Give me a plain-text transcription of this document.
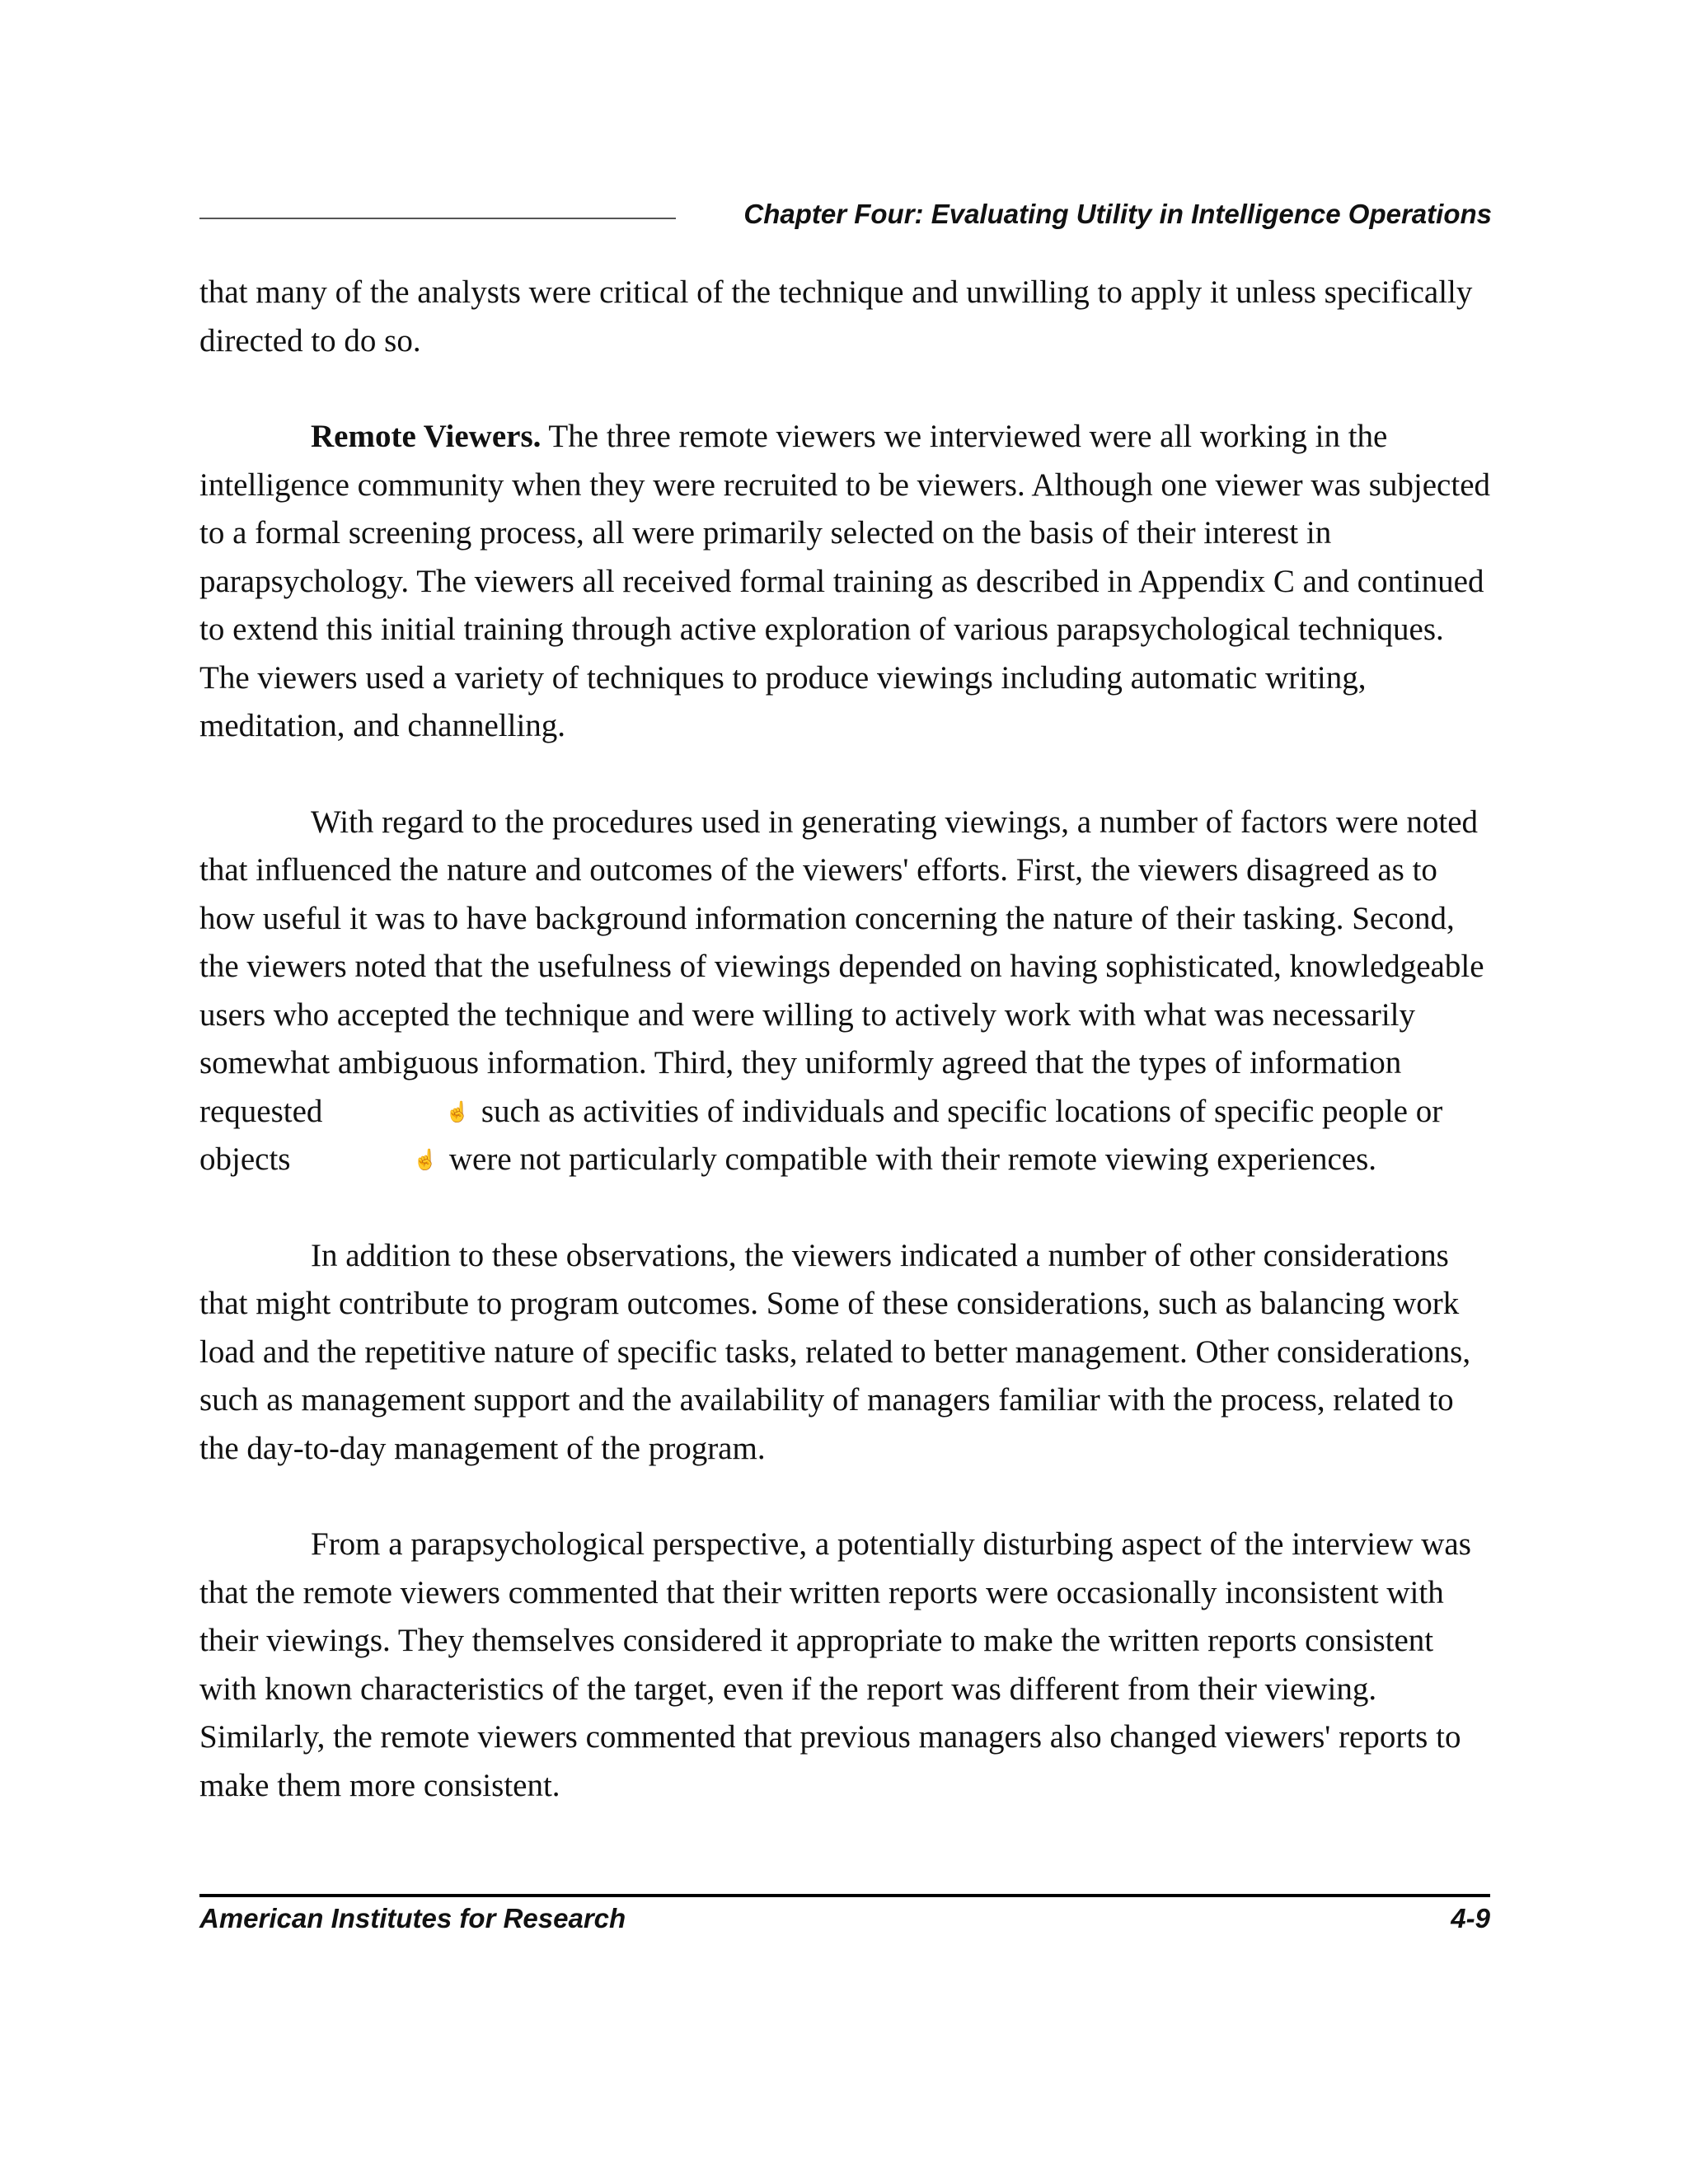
Chapter Four: Evaluating Utility in Intelligence Operations

that many of the analysts were critical of the technique and unwilling to apply it unless specifically directed to do so.

Remote Viewers. The three remote viewers we interviewed were all working in the intelligence community when they were recruited to be viewers. Although one viewer was subjected to a formal screening process, all were primarily selected on the basis of their interest in parapsychology. The viewers all received formal training as described in Appendix C and continued to extend this initial training through active exploration of various parapsychological techniques. The viewers used a variety of techniques to produce viewings including automatic writing, meditation, and channelling.

With regard to the procedures used in generating viewings, a number of factors were noted that influenced the nature and outcomes of the viewers' efforts. First, the viewers disagreed as to how useful it was to have background information concerning the nature of their tasking. Second, the viewers noted that the usefulness of viewings depended on having sophisticated, knowledgeable users who accepted the technique and were willing to actively work with what was necessarily somewhat ambiguous information. Third, they uniformly agreed that the types of information requested	☝ such as activities of individuals and specific locations of specific people or objects	☝ were not particularly compatible with their remote viewing experiences.

In addition to these observations, the viewers indicated a number of other considerations that might contribute to program outcomes. Some of these considerations, such as balancing work load and the repetitive nature of specific tasks, related to better management. Other considerations, such as management support and the availability of managers familiar with the process, related to the day-to-day management of the program.

From a parapsychological perspective, a potentially disturbing aspect of the interview was that the remote viewers commented that their written reports were occasionally inconsistent with their viewings. They themselves considered it appropriate to make the written reports consistent with known characteristics of the target, even if the report was different from their viewing. Similarly, the remote viewers commented that previous managers also changed viewers' reports to make them more consistent.

American Institutes for Research	4-9
